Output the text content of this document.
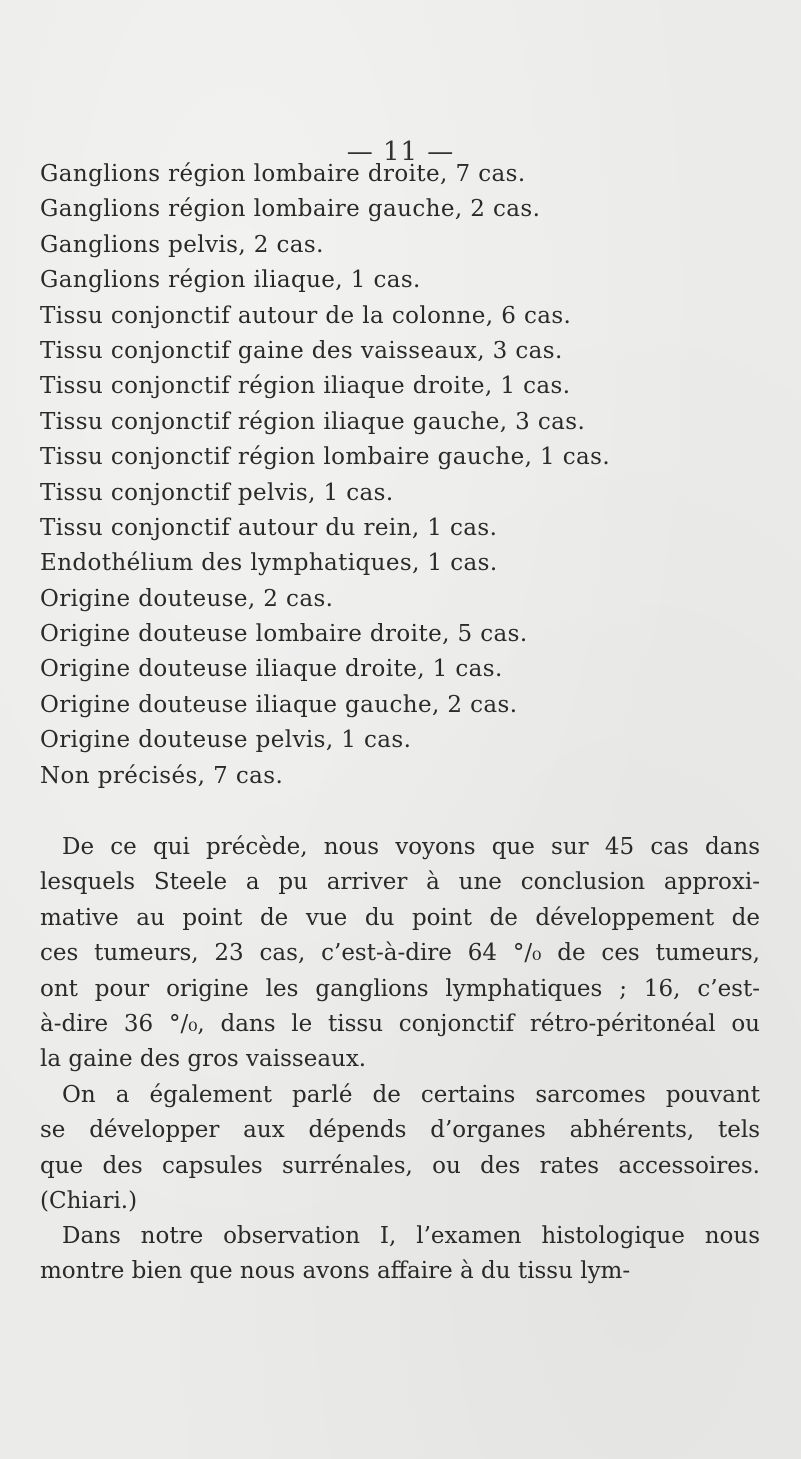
— 11 —
Ganglions région lombaire droite, 7 cas.
Ganglions région lombaire gauche, 2 cas.
Ganglions pelvis, 2 cas.
Ganglions région iliaque, 1 cas.
Tissu conjonctif autour de la colonne, 6 cas.
Tissu conjonctif gaine des vaisseaux, 3 cas.
Tissu conjonctif région iliaque droite, 1 cas.
Tissu conjonctif région iliaque gauche, 3 cas.
Tissu conjonctif région lombaire gauche, 1 cas.
Tissu conjonctif pelvis, 1 cas.
Tissu conjonctif autour du rein, 1 cas.
Endothélium des lymphatiques, 1 cas.
Origine douteuse, 2 cas.
Origine douteuse lombaire droite, 5 cas.
Origine douteuse iliaque droite, 1 cas.
Origine douteuse iliaque gauche, 2 cas.
Origine douteuse pelvis, 1 cas.
Non précisés, 7 cas.
De ce qui précède, nous voyons que sur 45 cas dans
lesquels Steele a pu arriver à une conclusion approxi-
mative au point de vue du point de développement de
ces tumeurs, 23 cas, c’est-à-dire 64 °/₀ de ces tumeurs,
ont pour origine les ganglions lymphatiques ; 16, c’est-
à-dire 36 °/₀, dans le tissu conjonctif rétro-péritonéal ou
la gaine des gros vaisseaux.
On a également parlé de certains sarcomes pouvant
se développer aux dépends d’organes abhérents, tels
que des capsules surrénales, ou des rates accessoires.
(Chiari.)
Dans notre observation I, l’examen histologique nous
montre bien que nous avons affaire à du tissu lym-
